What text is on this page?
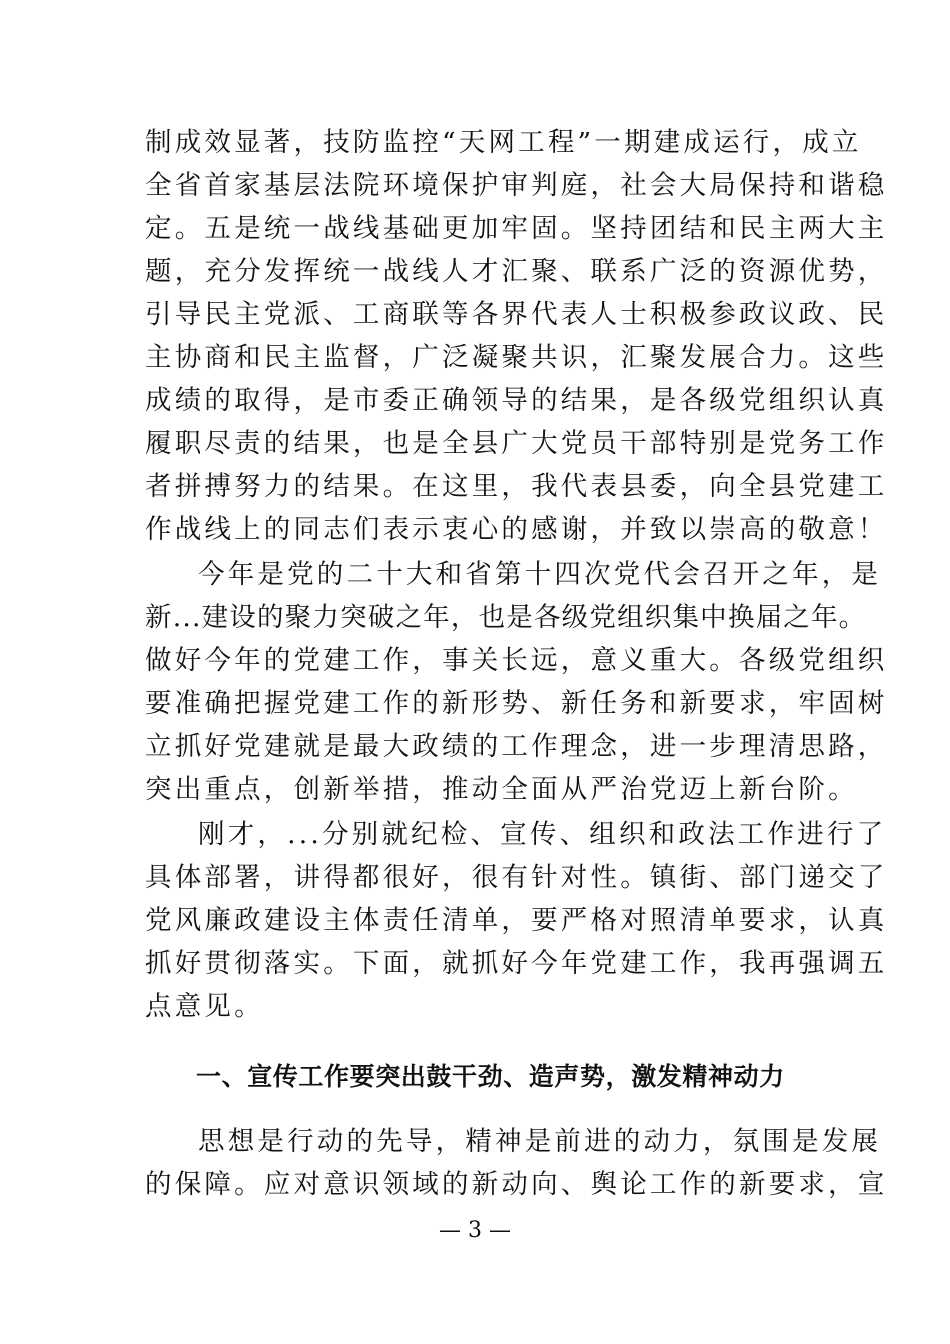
制成效显著，技防监控“天网工程”一期建成运行，成立
全省首家基层法院环境保护审判庭，社会大局保持和谐稳
定。五是统一战线基础更加牢固。坚持团结和民主两大主
题，充分发挥统一战线人才汇聚、联系广泛的资源优势，
引导民主党派、工商联等各界代表人士积极参政议政、民
主协商和民主监督，广泛凝聚共识，汇聚发展合力。这些
成绩的取得，是市委正确领导的结果，是各级党组织认真
履职尽责的结果，也是全县广大党员干部特别是党务工作
者拼搏努力的结果。在这里，我代表县委，向全县党建工
作战线上的同志们表示衷心的感谢，并致以崇高的敬意！
今年是党的二十大和省第十四次党代会召开之年，是
新...建设的聚力突破之年，也是各级党组织集中换届之年。
做好今年的党建工作，事关长远，意义重大。各级党组织
要准确把握党建工作的新形势、新任务和新要求，牢固树
立抓好党建就是最大政绩的工作理念，进一步理清思路，
突出重点，创新举措，推动全面从严治党迈上新台阶。
刚才，...分别就纪检、宣传、组织和政法工作进行了
具体部署，讲得都很好，很有针对性。镇街、部门递交了
党风廉政建设主体责任清单，要严格对照清单要求，认真
抓好贯彻落实。下面，就抓好今年党建工作，我再强调五
点意见。
一、宣传工作要突出鼓干劲、造声势，激发精神动力
思想是行动的先导，精神是前进的动力，氛围是发展
的保障。应对意识领域的新动向、舆论工作的新要求，宣
— 3 —
